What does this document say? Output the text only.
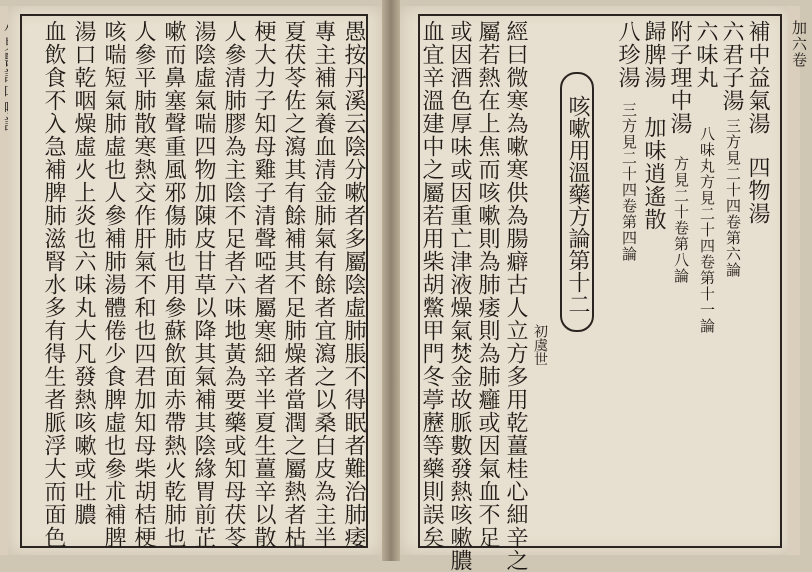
愚按丹溪云陰分嗽者多屬陰虛肺脹不得眠者難治肺痿
專主補氣養血清金肺氣有餘者宜瀉之以桑白皮為主半
夏茯苓佐之瀉其有餘補其不足肺燥者當潤之屬熱者枯
梗大力子知母雞子清聲啞者屬寒細辛半夏生薑辛以散
人參清肺膠為主陰不足者六味地黃為要藥或知母茯苓
湯陰虛氣喘四物加陳皮甘草以降其氣補其陰緣胃前芷
嗽而鼻塞聲重風邪傷肺也用參蘇飲面赤帶熱火乾肺也
人參平肺散寒熱交作肝氣不和也四君加知母柴胡桔梗
咳喘短氣肺虛也人參補肺湯體倦少食脾虛也參朮補脾
湯口乾咽燥虛火上炎也六味丸大凡發熱咳嗽或吐膿
血飲食不入急補脾肺滋腎水多有得生者脈浮大而面色	補中益氣湯
六君子湯
六味丸
附子理中湯
歸脾湯
八珍湯
四物湯
三方見二十四卷第六論
八味丸方見二十四卷第十一論
方見二十卷第八論
加味逍遙散
三方見二十四卷第四論
咳嗽用溫藥方論第十二
初虞世
經曰微寒為嗽寒供為腸癖古人立方多用乾薑桂心細辛之
屬若熱在上焦而咳嗽則為肺痿則為肺癰或因氣血不足
或因酒色厚味或因重亡津液燥氣焚金故脈數發熱咳嗽膿
血宜辛溫建中之屬若用柴胡鱉甲門冬葶藶等藥則誤矣	加六卷
